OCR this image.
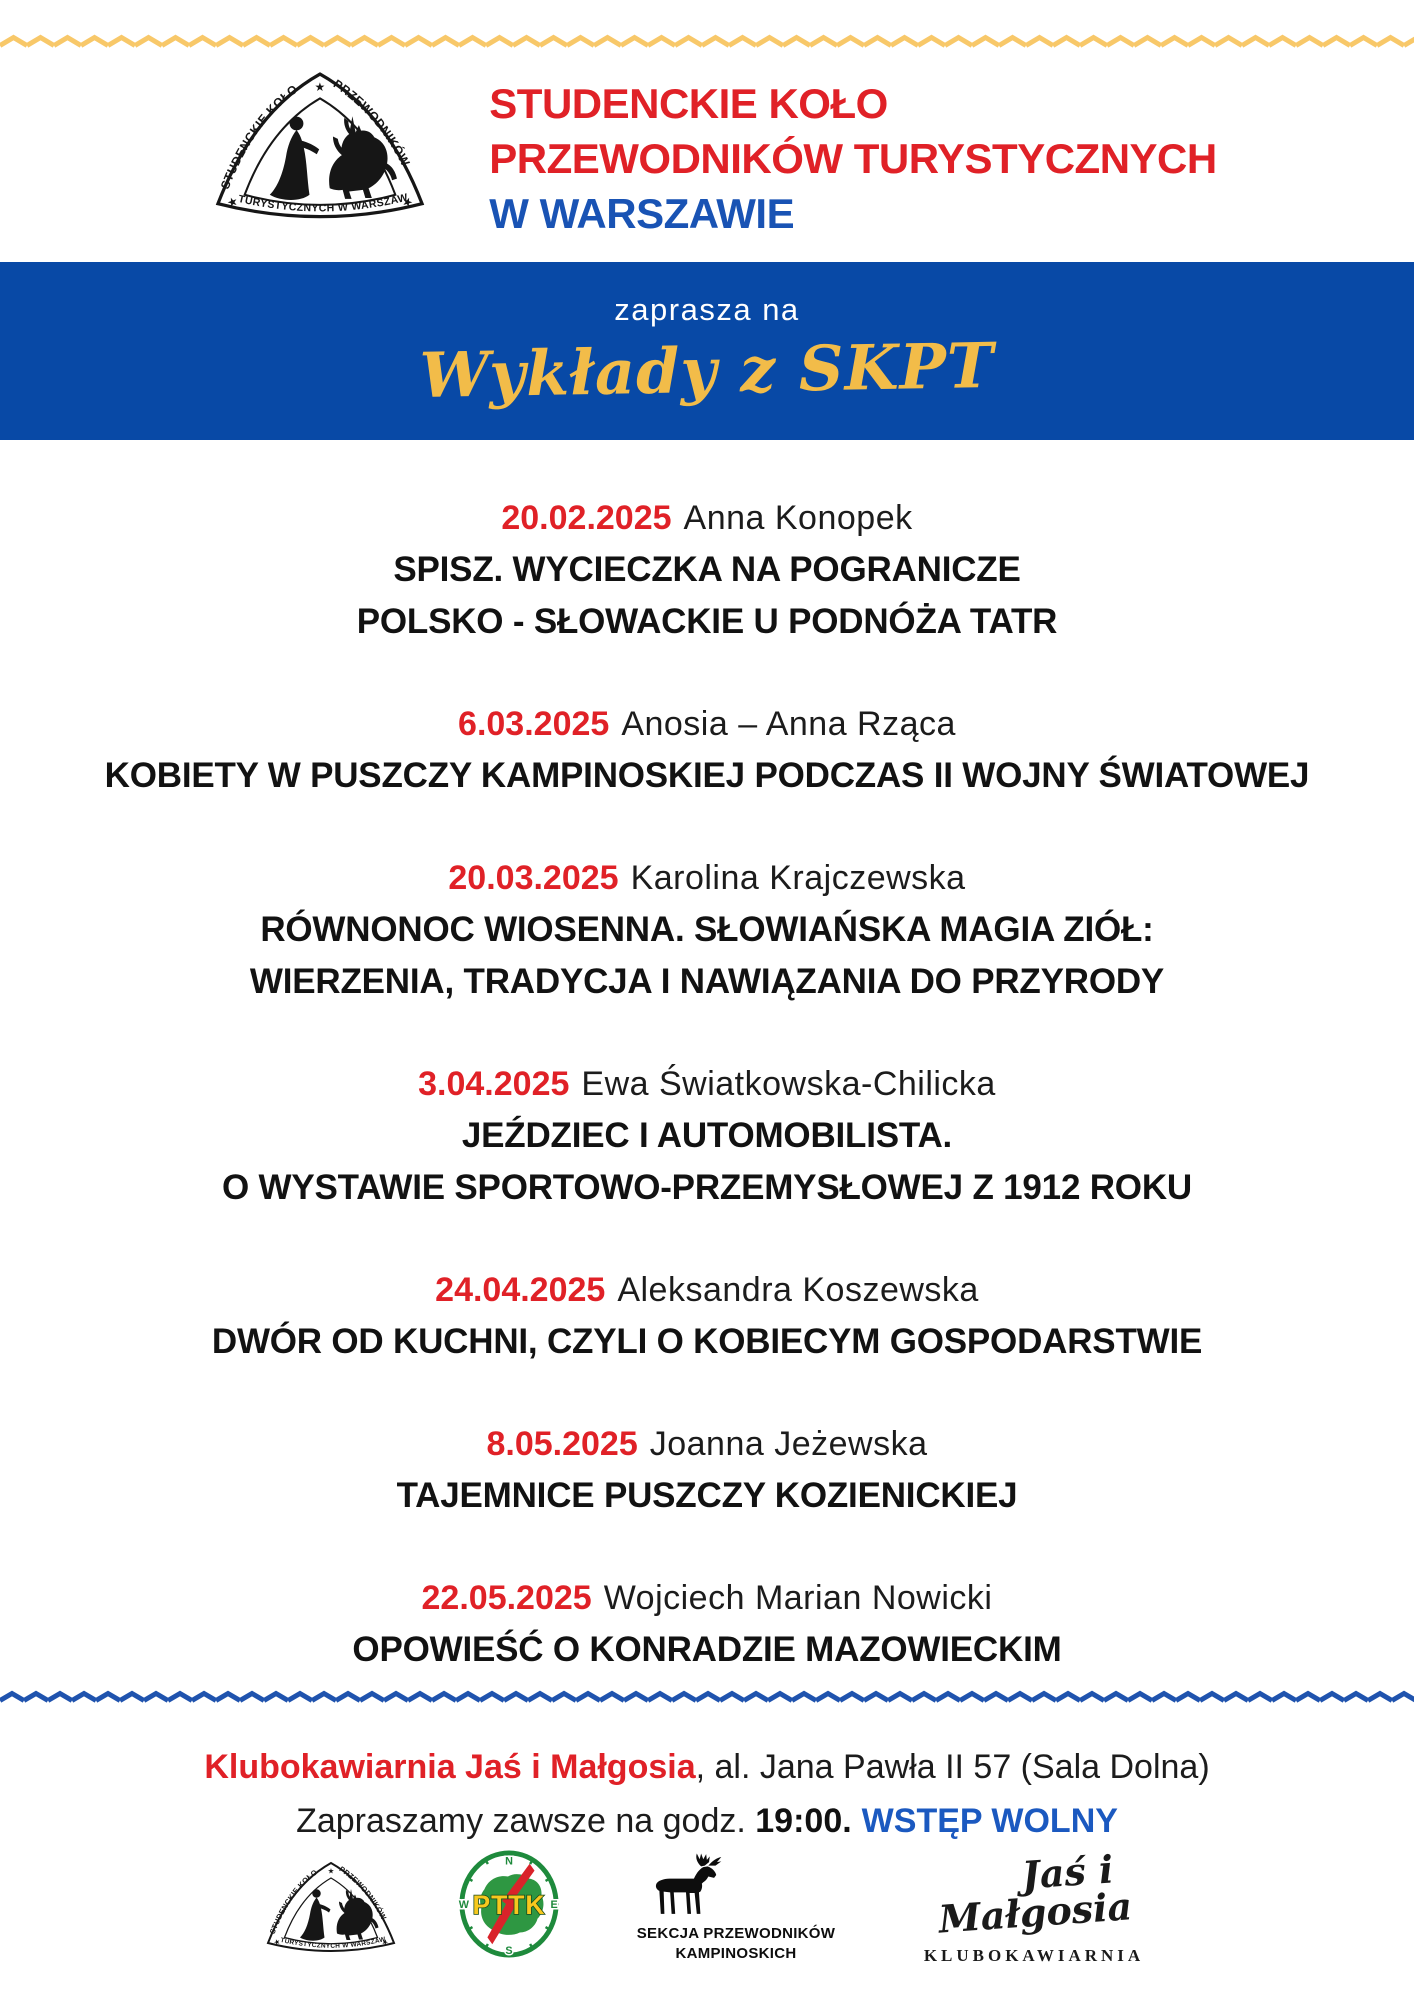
STUDENCKIE KOŁO
PRZEWODNIKÓW TURYSTYCZNYCH
W WARSZAWIE
zaprasza na
Wykłady z SKPT
20.02.2025 Anna Konopek
SPISZ. WYCIECZKA NA POGRANICZE
POLSKO - SŁOWACKIE U PODNÓŻA TATR
6.03.2025 Anosia – Anna Rząca
KOBIETY W PUSZCZY KAMPINOSKIEJ PODCZAS II WOJNY ŚWIATOWEJ
20.03.2025 Karolina Krajczewska
RÓWNONOC WIOSENNA. SŁOWIAŃSKA MAGIA ZIÓŁ:
WIERZENIA, TRADYCJA I NAWIĄZANIA DO PRZYRODY
3.04.2025 Ewa Światkowska-Chilicka
JEŹDZIEC I AUTOMOBILISTA.
O WYSTAWIE SPORTOWO-PRZEMYSŁOWEJ Z 1912 ROKU
24.04.2025 Aleksandra Koszewska
DWÓR OD KUCHNI, CZYLI O KOBIECYM GOSPODARSTWIE
8.05.2025 Joanna Jeżewska
TAJEMNICE PUSZCZY KOZIENICKIEJ
22.05.2025 Wojciech Marian Nowicki
OPOWIEŚĆ O KONRADZIE MAZOWIECKIM
Klubokawiarnia Jaś i Małgosia, al. Jana Pawła II 57 (Sala Dolna)
Zapraszamy zawsze na godz. 19:00. WSTĘP WOLNY
SEKCJA PRZEWODNIKÓW
KAMPINOSKICH
Jaś i
Małgosia
KLUBOKAWIARNIA
